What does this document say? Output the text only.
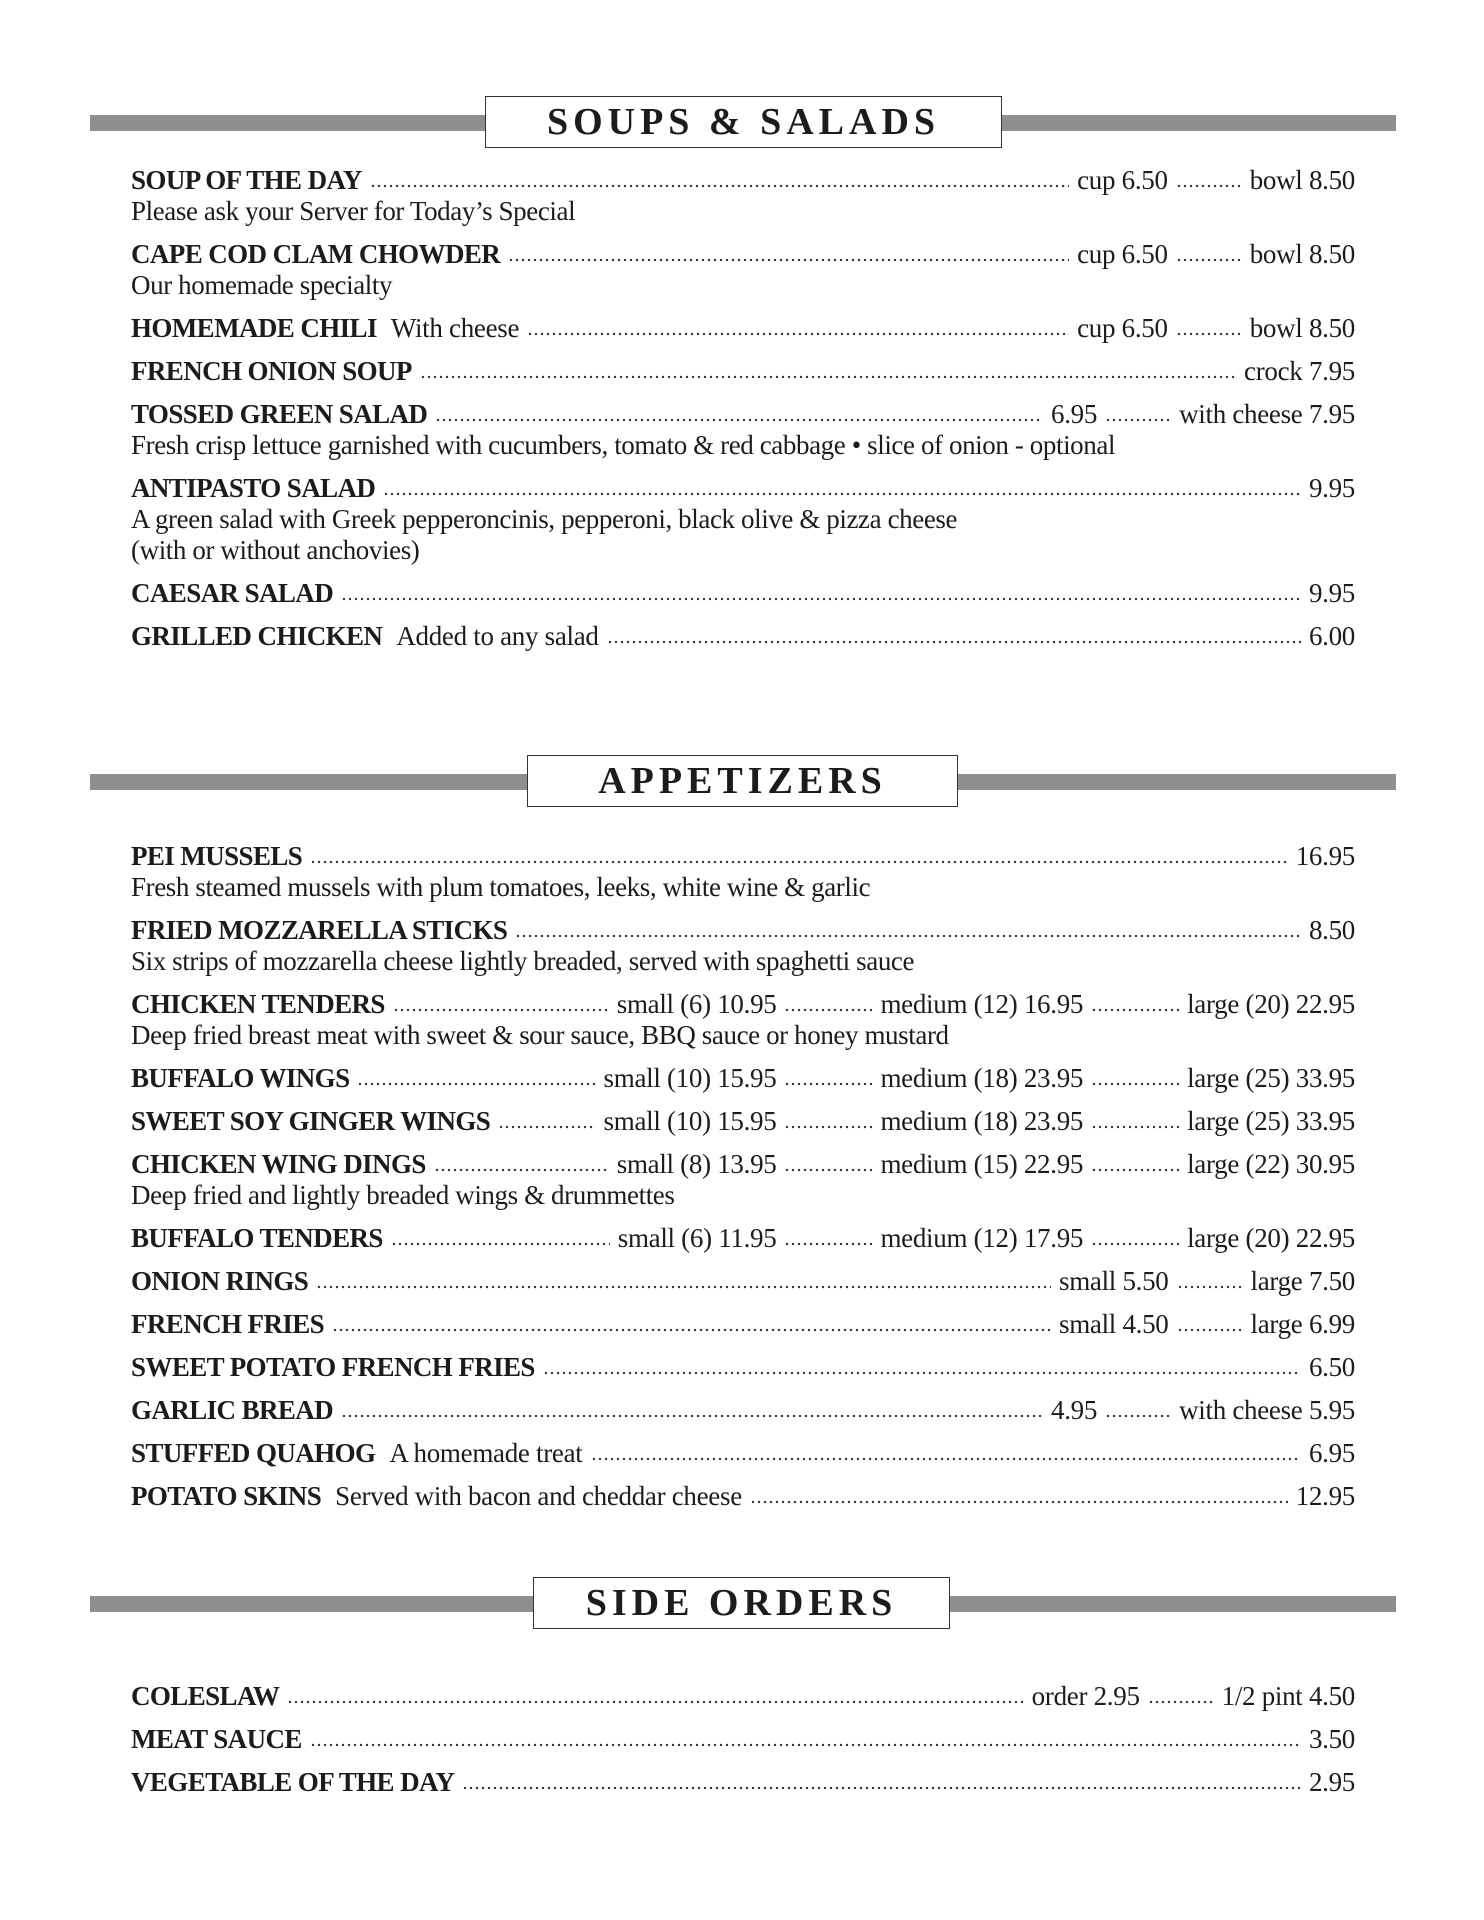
SOUPS & SALADS
SOUP OF THE DAY	cup 6.50	bowl 8.50
Please ask your Server for Today’s Special
CAPE COD CLAM CHOWDER	cup 6.50	bowl 8.50
Our homemade specialty
HOMEMADE CHILI With cheese	cup 6.50	bowl 8.50
FRENCH ONION SOUP	crock 7.95
TOSSED GREEN SALAD	6.95	with cheese 7.95
Fresh crisp lettuce garnished with cucumbers, tomato & red cabbage • slice of onion - optional
ANTIPASTO SALAD	9.95
A green salad with Greek pepperoncinis, pepperoni, black olive & pizza cheese
(with or without anchovies)
CAESAR SALAD	9.95
GRILLED CHICKEN Added to any salad	6.00
APPETIZERS
PEI MUSSELS	16.95
Fresh steamed mussels with plum tomatoes, leeks, white wine & garlic
FRIED MOZZARELLA STICKS	8.50
Six strips of mozzarella cheese lightly breaded, served with spaghetti sauce
CHICKEN TENDERS	small (6) 10.95	medium (12) 16.95	large (20) 22.95
Deep fried breast meat with sweet & sour sauce, BBQ sauce or honey mustard
BUFFALO WINGS	small (10) 15.95	medium (18) 23.95	large (25) 33.95
SWEET SOY GINGER WINGS	small (10) 15.95	medium (18) 23.95	large (25) 33.95
CHICKEN WING DINGS	small (8) 13.95	medium (15) 22.95	large (22) 30.95
Deep fried and lightly breaded wings & drummettes
BUFFALO TENDERS	small (6) 11.95	medium (12) 17.95	large (20) 22.95
ONION RINGS	small 5.50	large 7.50
FRENCH FRIES	small 4.50	large 6.99
SWEET POTATO FRENCH FRIES	6.50
GARLIC BREAD	4.95	with cheese 5.95
STUFFED QUAHOG A homemade treat	6.95
POTATO SKINS Served with bacon and cheddar cheese	12.95
SIDE ORDERS
COLESLAW	order 2.95	1/2 pint 4.50
MEAT SAUCE	3.50
VEGETABLE OF THE DAY	2.95
